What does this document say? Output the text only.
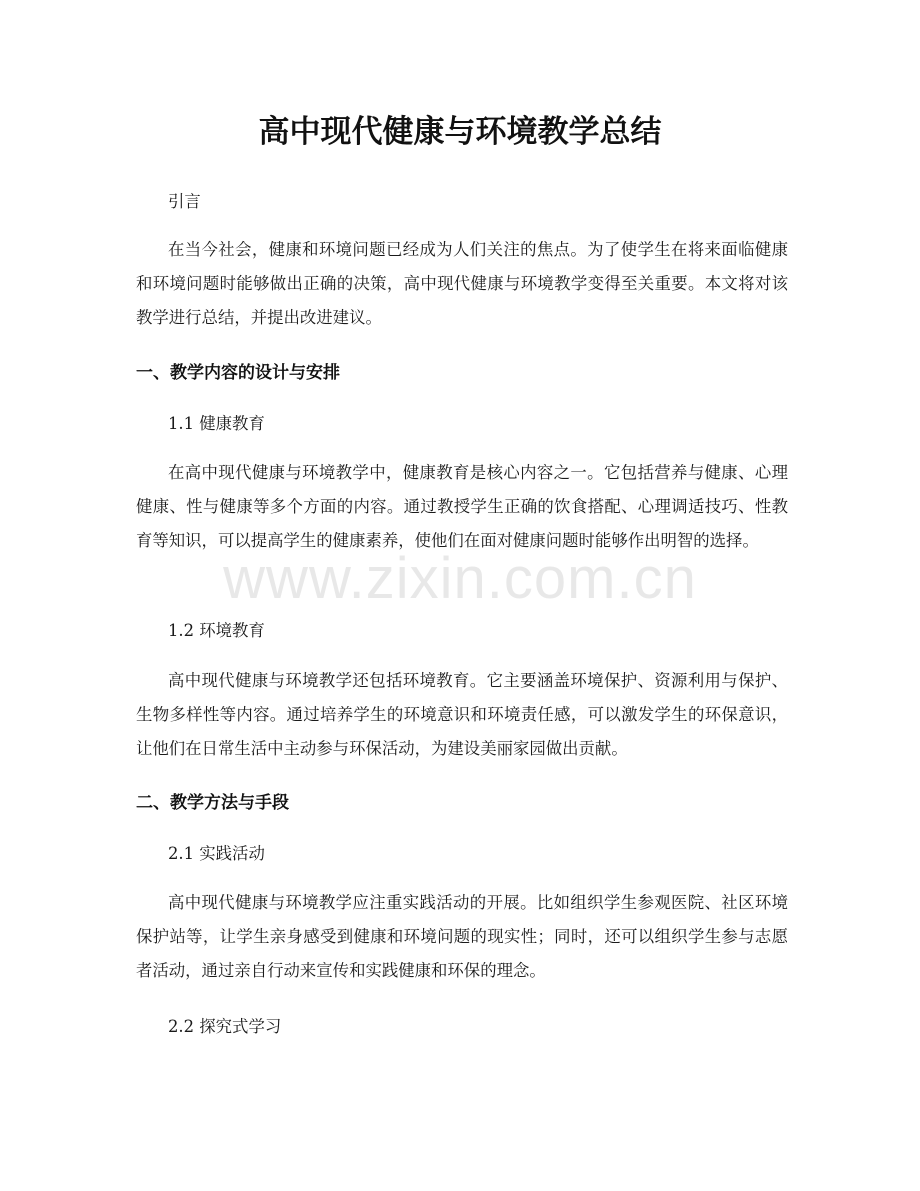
高中现代健康与环境教学总结

引言

在当今社会，健康和环境问题已经成为人们关注的焦点。为了使学生在将来面临健康和环境问题时能够做出正确的决策，高中现代健康与环境教学变得至关重要。本文将对该教学进行总结，并提出改进建议。

一、教学内容的设计与安排

1.1 健康教育

在高中现代健康与环境教学中，健康教育是核心内容之一。它包括营养与健康、心理健康、性与健康等多个方面的内容。通过教授学生正确的饮食搭配、心理调适技巧、性教育等知识，可以提高学生的健康素养，使他们在面对健康问题时能够作出明智的选择。

1.2 环境教育

高中现代健康与环境教学还包括环境教育。它主要涵盖环境保护、资源利用与保护、生物多样性等内容。通过培养学生的环境意识和环境责任感，可以激发学生的环保意识，让他们在日常生活中主动参与环保活动，为建设美丽家园做出贡献。

二、教学方法与手段

2.1 实践活动

高中现代健康与环境教学应注重实践活动的开展。比如组织学生参观医院、社区环境保护站等，让学生亲身感受到健康和环境问题的现实性；同时，还可以组织学生参与志愿者活动，通过亲自行动来宣传和实践健康和环保的理念。

2.2 探究式学习

www.zixin.com.cn
